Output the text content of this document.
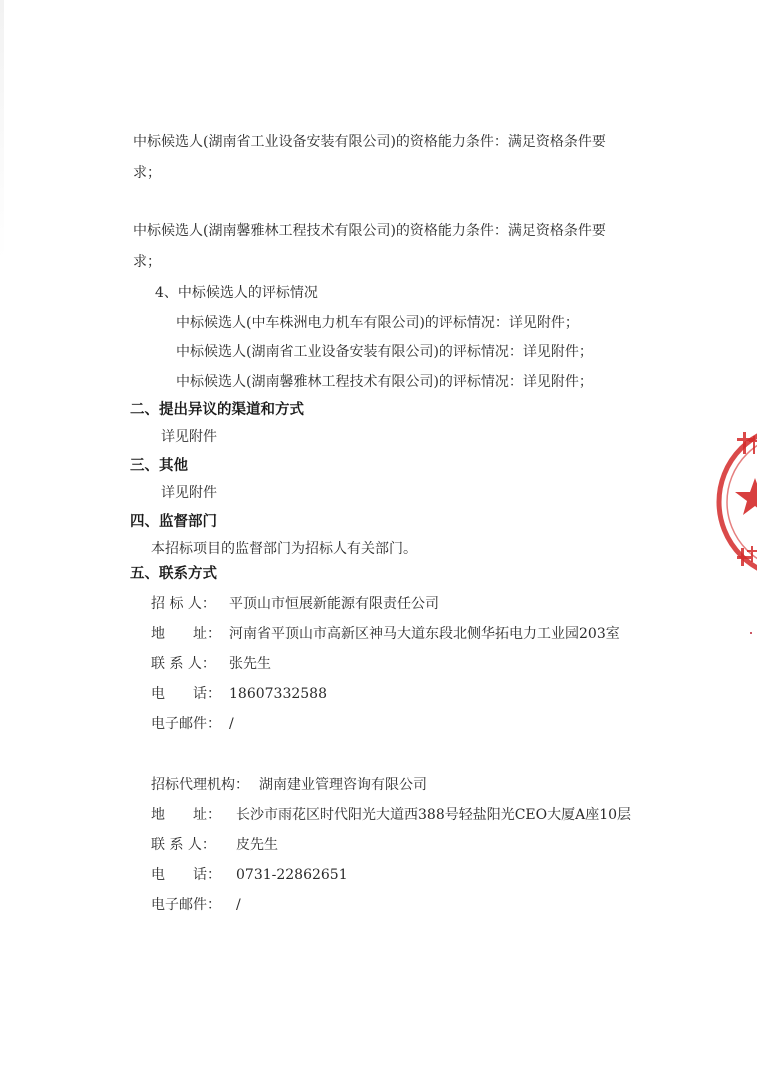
中标候选人(湖南省工业设备安装有限公司)的资格能力条件：满足资格条件要
求；
中标候选人(湖南馨雅林工程技术有限公司)的资格能力条件：满足资格条件要
求；
4、中标候选人的评标情况
中标候选人(中车株洲电力机车有限公司)的评标情况：详见附件；
中标候选人(湖南省工业设备安装有限公司)的评标情况：详见附件；
中标候选人(湖南馨雅林工程技术有限公司)的评标情况：详见附件；
二、提出异议的渠道和方式
详见附件
三、其他
详见附件
四、监督部门
本招标项目的监督部门为招标人有关部门。
五、联系方式
招 标 人： 平顶山市恒展新能源有限责任公司
地　　址： 河南省平顶山市高新区神马大道东段北侧华拓电力工业园203室
联 系 人： 张先生
电　　话： 18607332588
电子邮件： /
招标代理机构： 湖南建业管理咨询有限公司
地　　址： 长沙市雨花区时代阳光大道西388号轻盐阳光CEO大厦A座10层
联 系 人： 皮先生
电　　话： 0731-22862651
电子邮件： /
